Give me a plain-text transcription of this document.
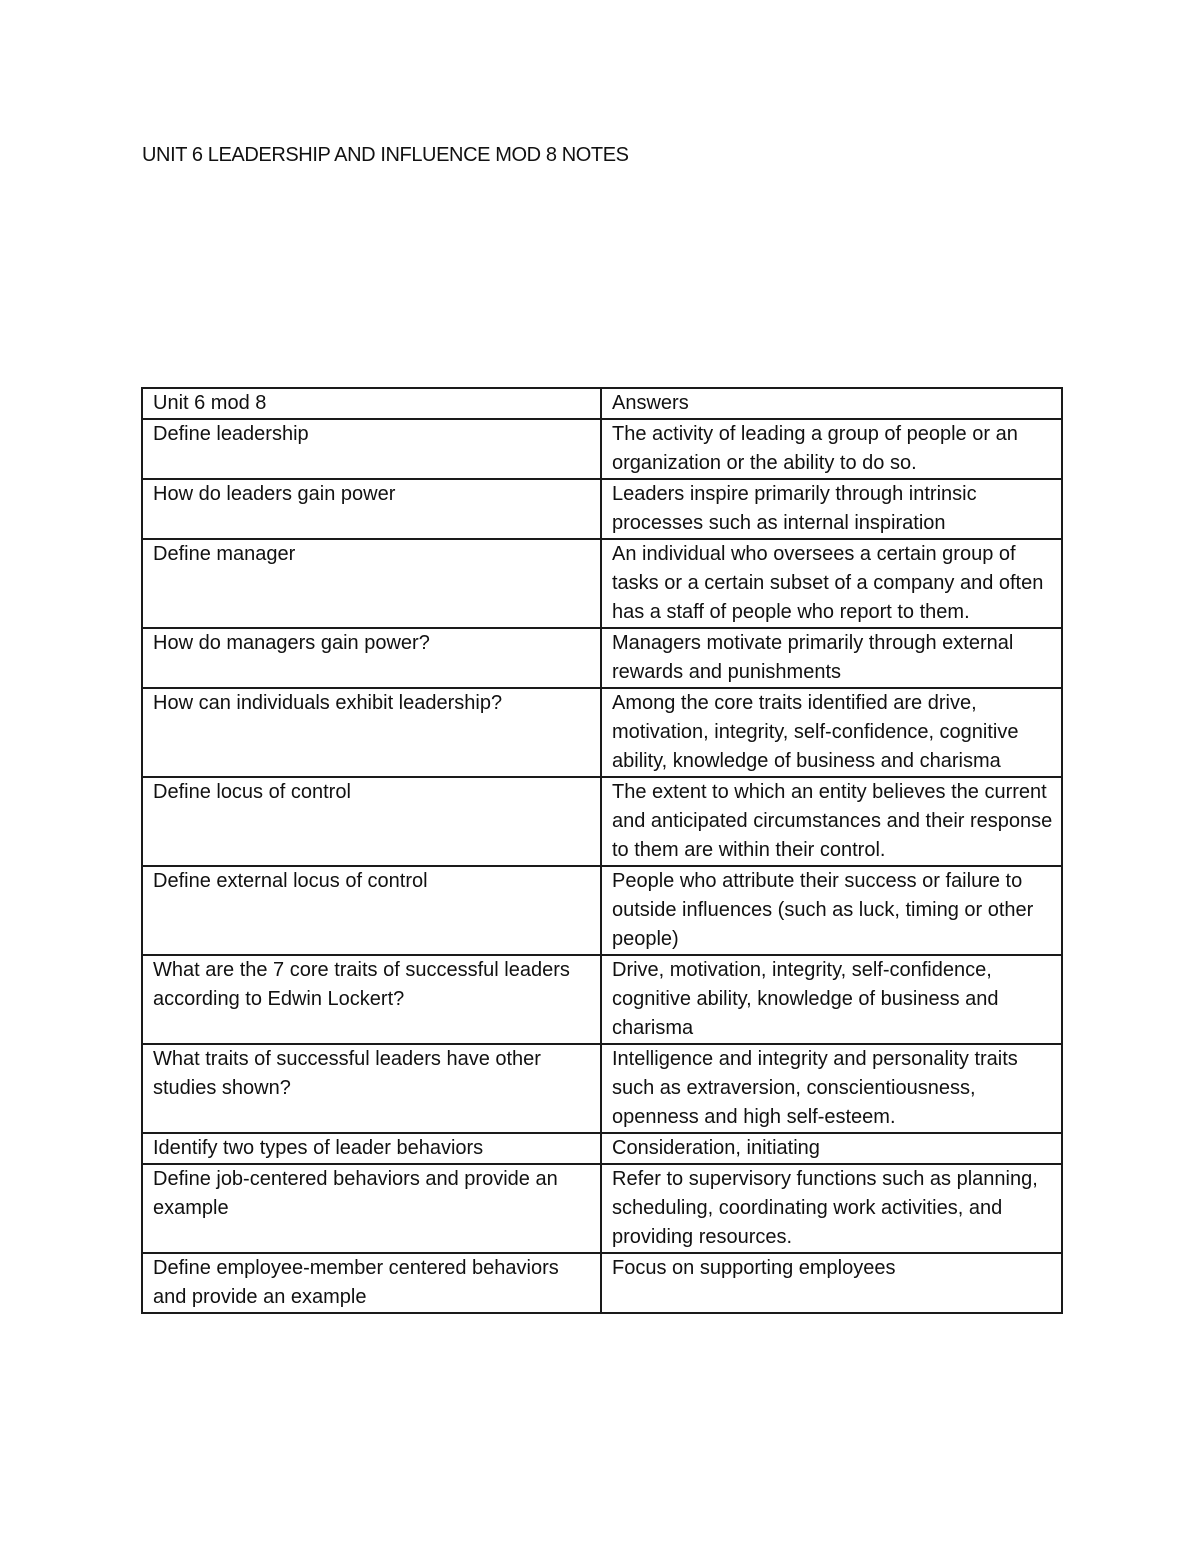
UNIT 6 LEADERSHIP AND INFLUENCE MOD 8 NOTES
Unit 6 mod 8	Answers
Define leadership	The activity of leading a group of people or an organization or the ability to do so.
How do leaders gain power	Leaders inspire primarily through intrinsic processes such as internal inspiration
Define manager	An individual who oversees a certain group of tasks or a certain subset of a company and often has a staff of people who report to them.
How do managers gain power?	Managers motivate primarily through external rewards and punishments
How can individuals exhibit leadership?	Among the core traits identified are drive, motivation, integrity, self-confidence, cognitive ability, knowledge of business and charisma
Define locus of control	The extent to which an entity believes the current and anticipated circumstances and their response to them are within their control.
Define external locus of control	People who attribute their success or failure to outside influences (such as luck, timing or other people)
What are the 7 core traits of successful leaders according to Edwin Lockert?	Drive, motivation, integrity, self-confidence, cognitive ability, knowledge of business and charisma
What traits of successful leaders have other studies shown?	Intelligence and integrity and personality traits such as extraversion, conscientiousness, openness and high self-esteem.
Identify two types of leader behaviors	Consideration, initiating
Define job-centered behaviors and provide an example	Refer to supervisory functions such as planning, scheduling, coordinating work activities, and providing resources.
Define employee-member centered behaviors and provide an example	Focus on supporting employees
